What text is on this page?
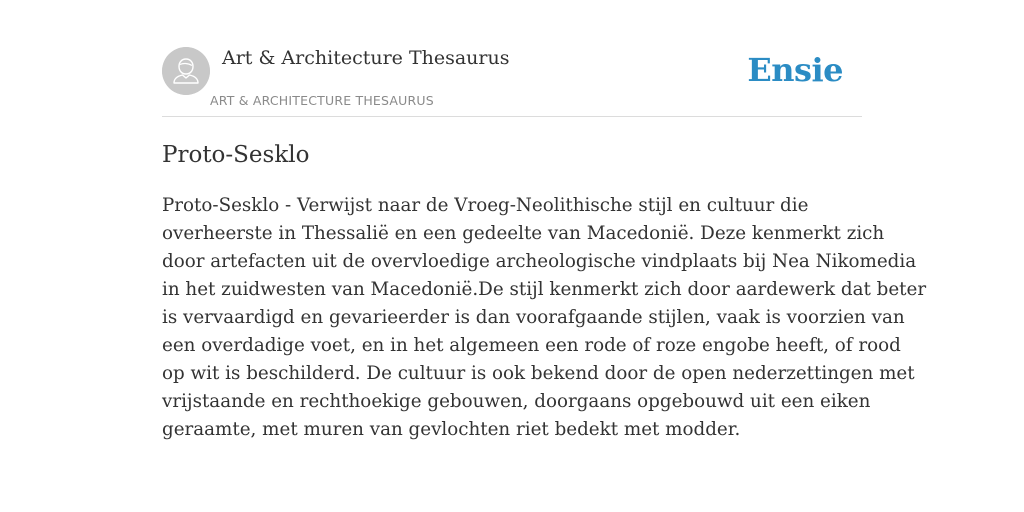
Art & Architecture Thesaurus
ART & ARCHITECTURE THESAURUS
Ensie
Proto-Sesklo

Proto-Sesklo - Verwijst naar de Vroeg-Neolithische stijl en cultuur die
overheerste in Thessalië en een gedeelte van Macedonië. Deze kenmerkt zich
door artefacten uit de overvloedige archeologische vindplaats bij Nea Nikomedia
in het zuidwesten van Macedonië.De stijl kenmerkt zich door aardewerk dat beter
is vervaardigd en gevarieerder is dan voorafgaande stijlen, vaak is voorzien van
een overdadige voet, en in het algemeen een rode of roze engobe heeft, of rood
op wit is beschilderd. De cultuur is ook bekend door de open nederzettingen met
vrijstaande en rechthoekige gebouwen, doorgaans opgebouwd uit een eiken
geraamte, met muren van gevlochten riet bedekt met modder.
